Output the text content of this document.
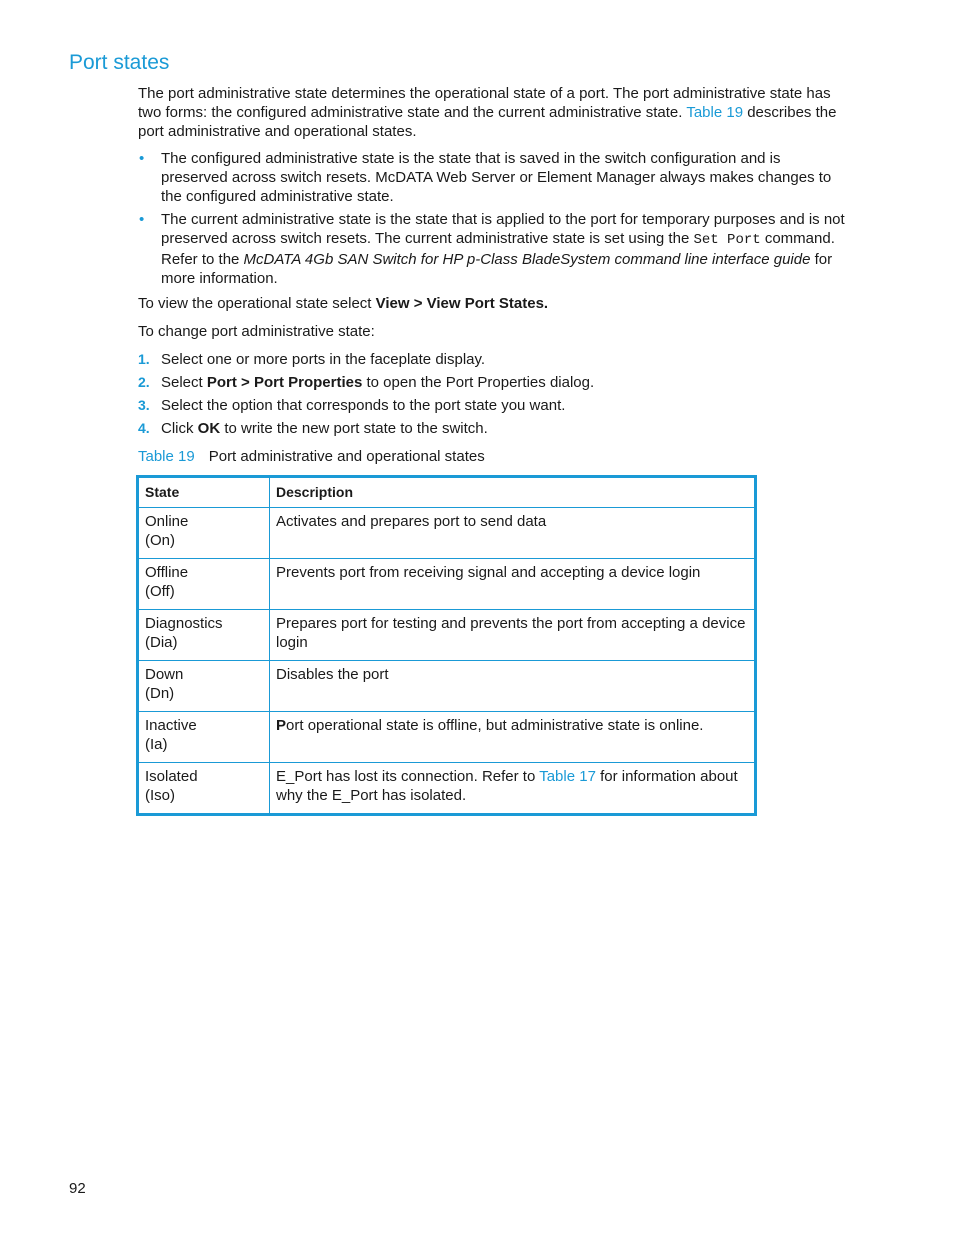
Port states

The port administrative state determines the operational state of a port. The port administrative state has two forms: the configured administrative state and the current administrative state. Table 19 describes the port administrative and operational states.

• The configured administrative state is the state that is saved in the switch configuration and is preserved across switch resets. McDATA Web Server or Element Manager always makes changes to the configured administrative state.
• The current administrative state is the state that is applied to the port for temporary purposes and is not preserved across switch resets. The current administrative state is set using the Set Port command. Refer to the McDATA 4Gb SAN Switch for HP p-Class BladeSystem command line interface guide for more information.

To view the operational state select View > View Port States.

To change port administrative state:

1. Select one or more ports in the faceplate display.
2. Select Port > Port Properties to open the Port Properties dialog.
3. Select the option that corresponds to the port state you want.
4. Click OK to write the new port state to the switch.
Table 19 Port administrative and operational states
State	Description
Online
(On)	Activates and prepares port to send data
Offline
(Off)	Prevents port from receiving signal and accepting a device login
Diagnostics
(Dia)	Prepares port for testing and prevents the port from accepting a device login
Down
(Dn)	Disables the port
Inactive
(Ia)	Port operational state is offline, but administrative state is online.
Isolated
(Iso)	E_Port has lost its connection. Refer to Table 17 for information about why the E_Port has isolated.
92
